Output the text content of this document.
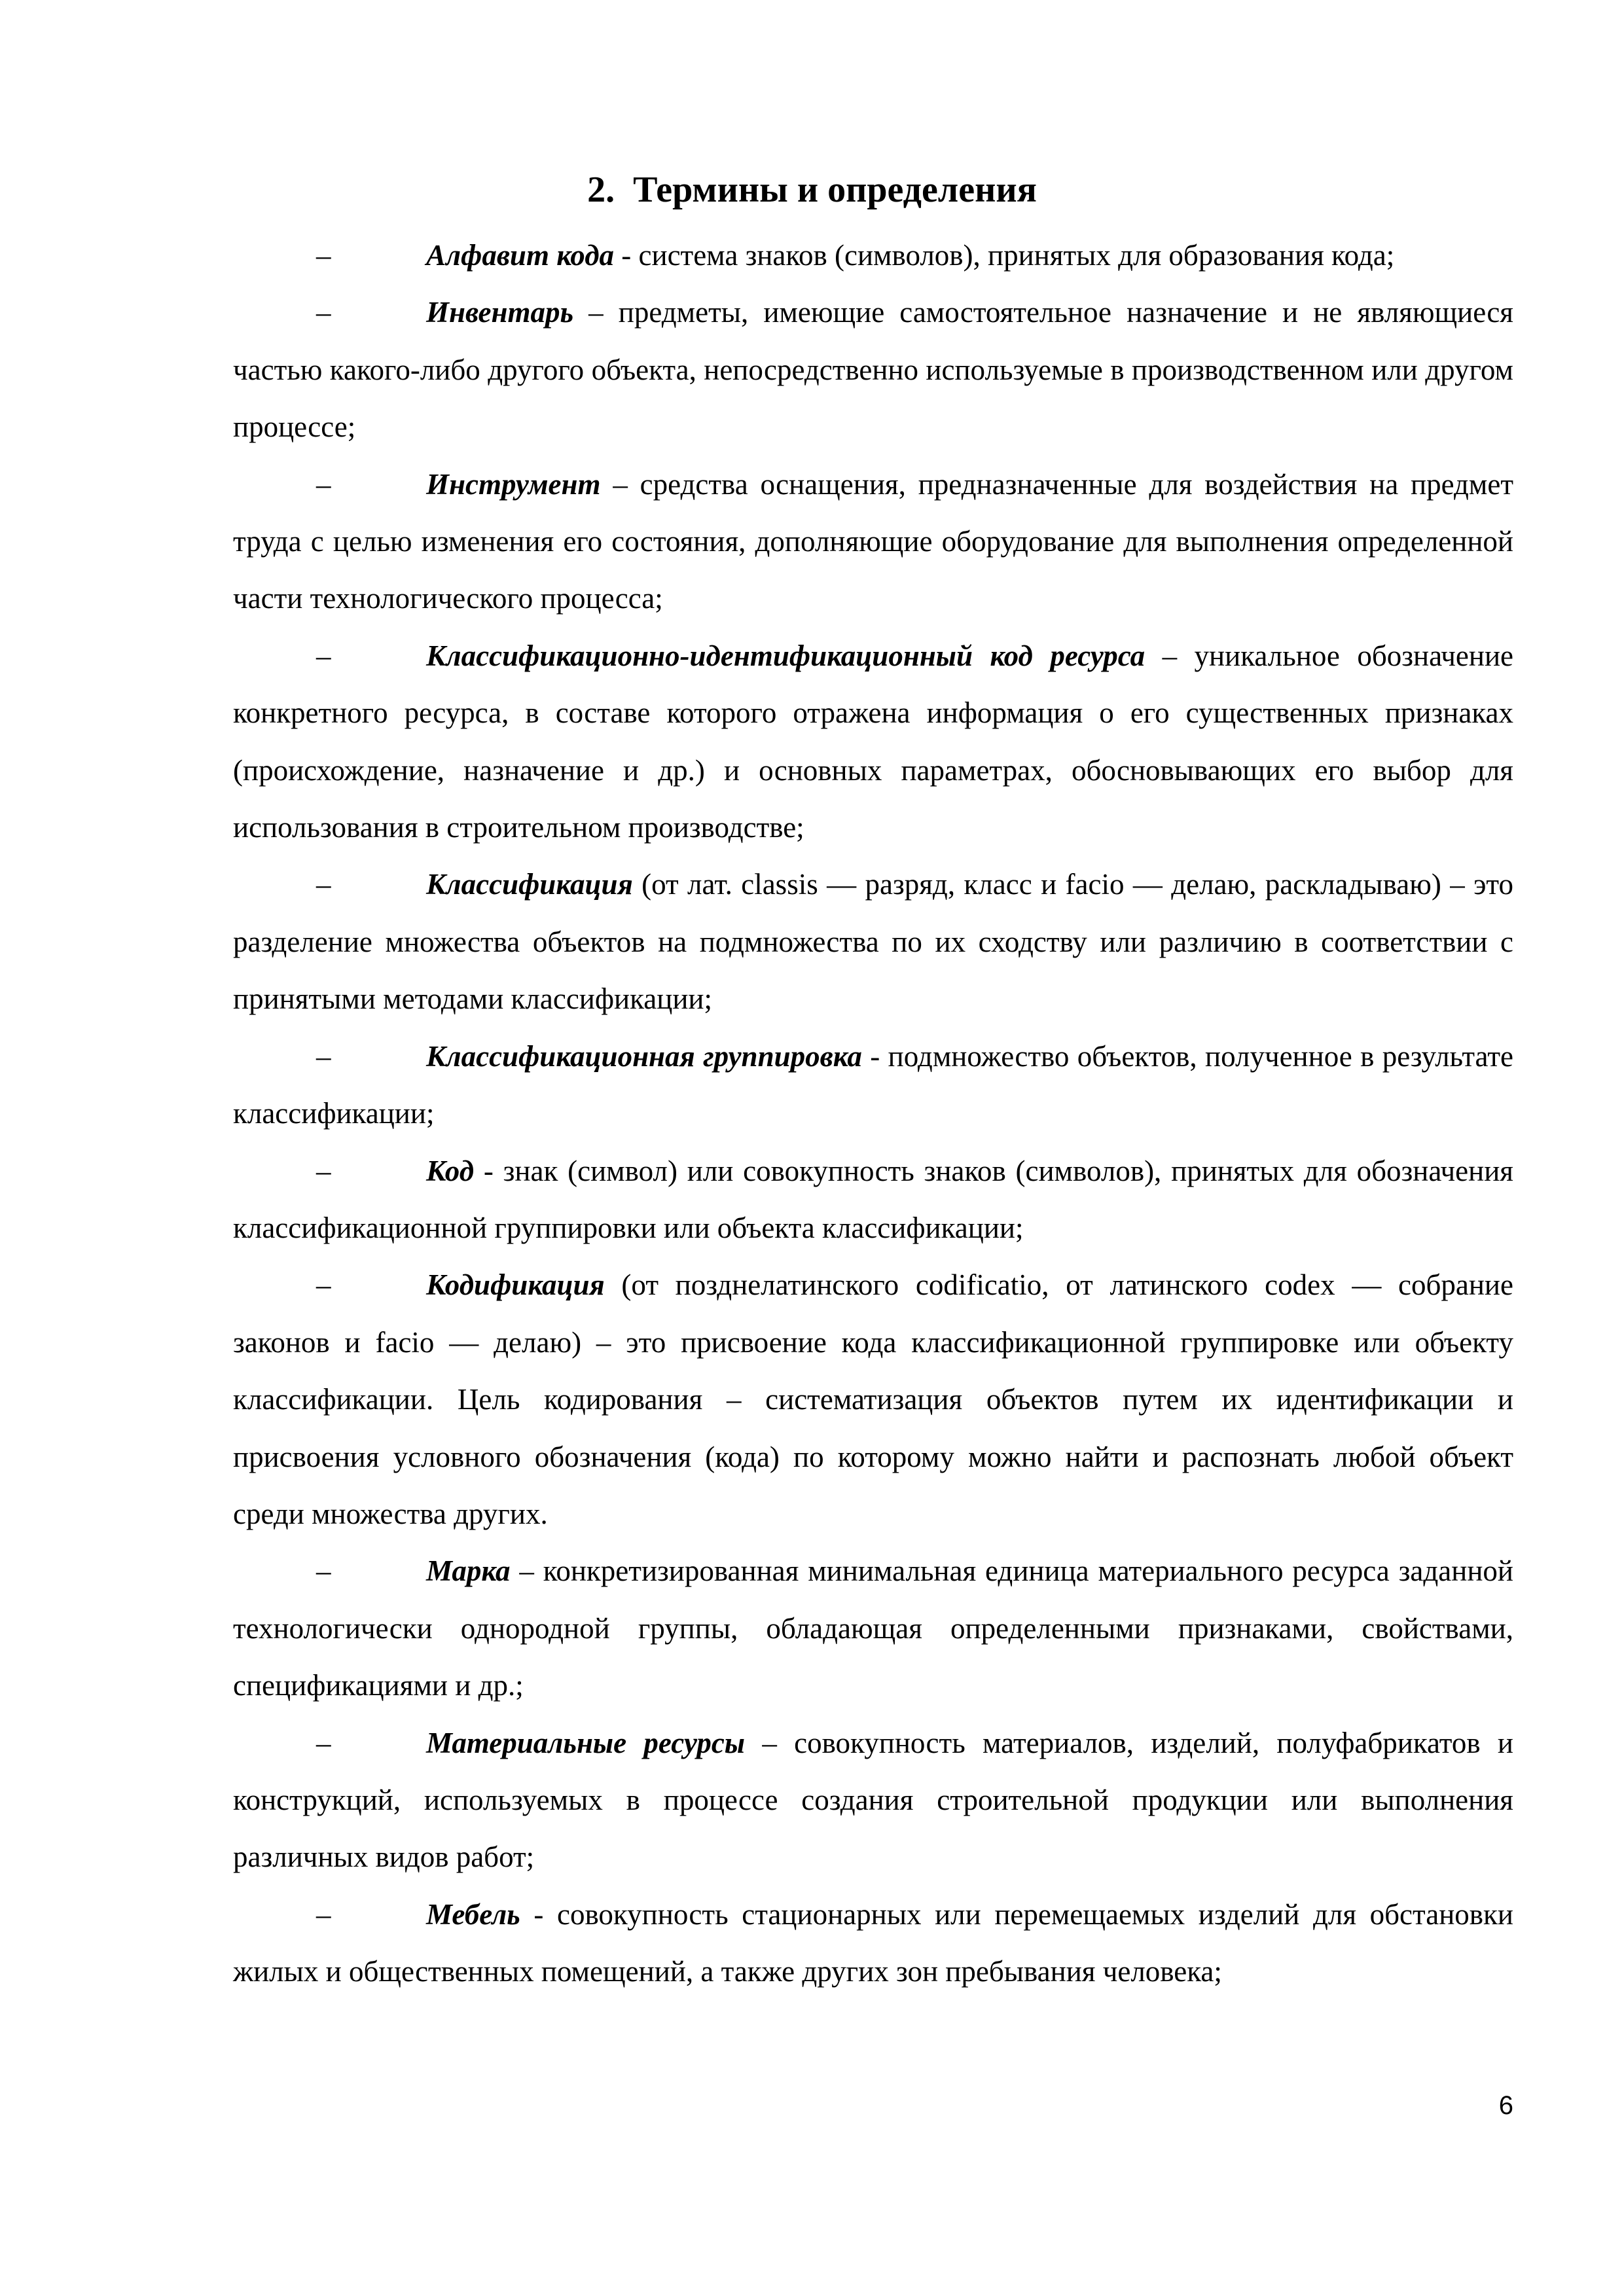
2. Термины и определения

–	Алфавит кода - система знаков (символов), принятых для образования кода;

–	Инвентарь – предметы, имеющие самостоятельное назначение и не являющиеся частью какого-либо другого объекта, непосредственно используемые в производственном или другом процессе;

–	Инструмент – средства оснащения, предназначенные для воздействия на предмет труда с целью изменения его состояния, дополняющие оборудование для выполнения определенной части технологического процесса;

–	Классификационно-идентификационный код ресурса – уникальное обозначение конкретного ресурса, в составе которого отражена информация о его существенных признаках (происхождение, назначение и др.) и основных параметрах, обосновывающих его выбор для использования в строительном производстве;

–	Классификация (от лат. classis — разряд, класс и facio — делаю, раскладываю) – это разделение множества объектов на подмножества по их сходству или различию в соответствии с принятыми методами классификации;

–	Классификационная группировка - подмножество объектов, полученное в результате классификации;

–	Код - знак (символ) или совокупность знаков (символов), принятых для обозначения классификационной группировки или объекта классификации;

–	Кодификация (от позднелатинского codificatio, от латинского codex — собрание законов и facio — делаю) – это присвоение кода классификационной группировке или объекту классификации. Цель кодирования – систематизация объектов путем их идентификации и присвоения условного обозначения (кода) по которому можно найти и распознать любой объект среди множества других.

–	Марка – конкретизированная минимальная единица материального ресурса заданной технологически однородной группы, обладающая определенными признаками, свойствами, спецификациями и др.;

–	Материальные ресурсы – совокупность материалов, изделий, полуфабрикатов и конструкций, используемых в процессе создания строительной продукции или выполнения различных видов работ;

–	Мебель - совокупность стационарных или перемещаемых изделий для обстановки жилых и общественных помещений, а также других зон пребывания человека;

6
